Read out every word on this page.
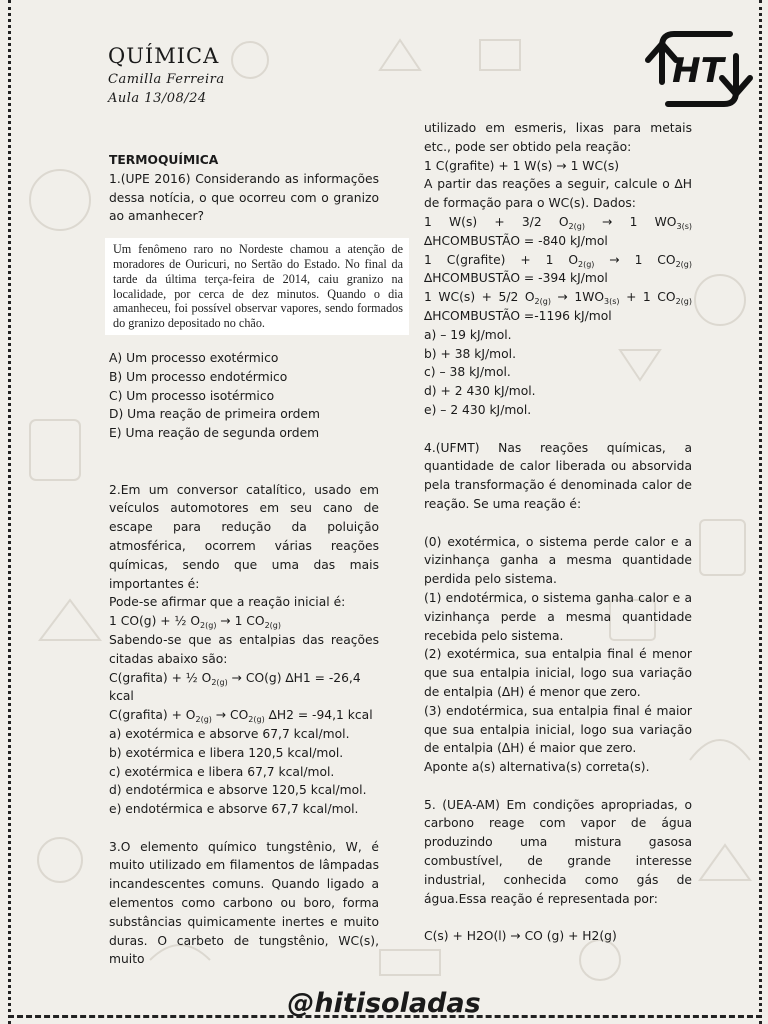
QUÍMICA
Camilla Ferreira
Aula 13/08/24
HT

TERMOQUÍMICA

1.(UPE 2016) Considerando as informações dessa notícia, o que ocorreu com o granizo ao amanhecer?

Um fenômeno raro no Nordeste chamou a atenção de moradores de Ouricuri, no Sertão do Estado. No final da tarde da última terça-feira de 2014, caiu granizo na localidade, por cerca de dez minutos. Quando o dia amanheceu, foi possível observar vapores, sendo formados do granizo depositado no chão.

A) Um processo exotérmico

B) Um processo endotérmico

C) Um processo isotérmico

D) Uma reação de primeira ordem

E) Uma reação de segunda ordem

2.Em um conversor catalítico, usado em veículos automotores em seu cano de escape para redução da poluição atmosférica, ocorrem várias reações químicas, sendo que uma das mais importantes é:

Pode-se afirmar que a reação inicial é:

1 CO(g) + ½ $O_{2(g)} \to 1$ $CO_{2(g)}$

Sabendo-se que as entalpias das reações citadas abaixo são:

C(grafita) + ½ $O_{2(g)} \to CO(g) \Delta H1 = -26,4$ kcal

C(grafita) + $O_{2(g)} \to CO_{2(g)}$ ∆H2 = -94,1 kcal

a) exotérmica e absorve 67,7 kcal/mol.

b) exotérmica e libera 120,5 kcal/mol.

c) exotérmica e libera 67,7 kcal/mol.

d) endotérmica e absorve 120,5 kcal/mol.

e) endotérmica e absorve 67,7 kcal/mol.

3.O elemento químico tungstênio, W, é muito utilizado em filamentos de lâmpadas incandescentes comuns. Quando ligado a elementos como carbono ou boro, forma substâncias quimicamente inertes e muito duras. O carbeto de tungstênio, WC(s), muito

utilizado em esmeris, lixas para metais etc., pode ser obtido pela reação:

1 C(grafite) + 1 W(s) → 1 WC(s)

A partir das reações a seguir, calcule o ∆H de formação para o WC(s). Dados:

1 W(s) + 3/2 $O_{2(g)} \to 1$ $WO_{3(s)}$ ∆HCOMBUSTÃO = -840 kJ/mol

1 C(grafite) + 1 $O_{2(g)} \to 1$ $CO_{2(g)}$ ∆HCOMBUSTÃO = -394 kJ/mol

1 WC(s) + 5/2 $O_{2(g)} \to 1WO_{3(s)} + 1$ $CO_{2(g)}$ ∆HCOMBUSTÃO =-1196 kJ/mol

a) – 19 kJ/mol.

b) + 38 kJ/mol.

c) – 38 kJ/mol.

d) + 2 430 kJ/mol.

e) – 2 430 kJ/mol.

4.(UFMT) Nas reações químicas, a quantidade de calor liberada ou absorvida pela transformação é denominada calor de reação. Se uma reação é:

(0) exotérmica, o sistema perde calor e a vizinhança ganha a mesma quantidade perdida pelo sistema.

(1) endotérmica, o sistema ganha calor e a vizinhança perde a mesma quantidade recebida pelo sistema.

(2) exotérmica, sua entalpia final é menor que sua entalpia inicial, logo sua variação de entalpia (ΔH) é menor que zero.

(3) endotérmica, sua entalpia final é maior que sua entalpia inicial, logo sua variação de entalpia (ΔH) é maior que zero.

Aponte a(s) alternativa(s) correta(s).

5. (UEA-AM) Em condições apropriadas, o carbono reage com vapor de água produzindo uma mistura gasosa combustível, de grande interesse industrial, conhecida como gás de água.Essa reação é representada por:

C(s) + H2O(l) → CO (g) + H2(g)

@hitisoladas
